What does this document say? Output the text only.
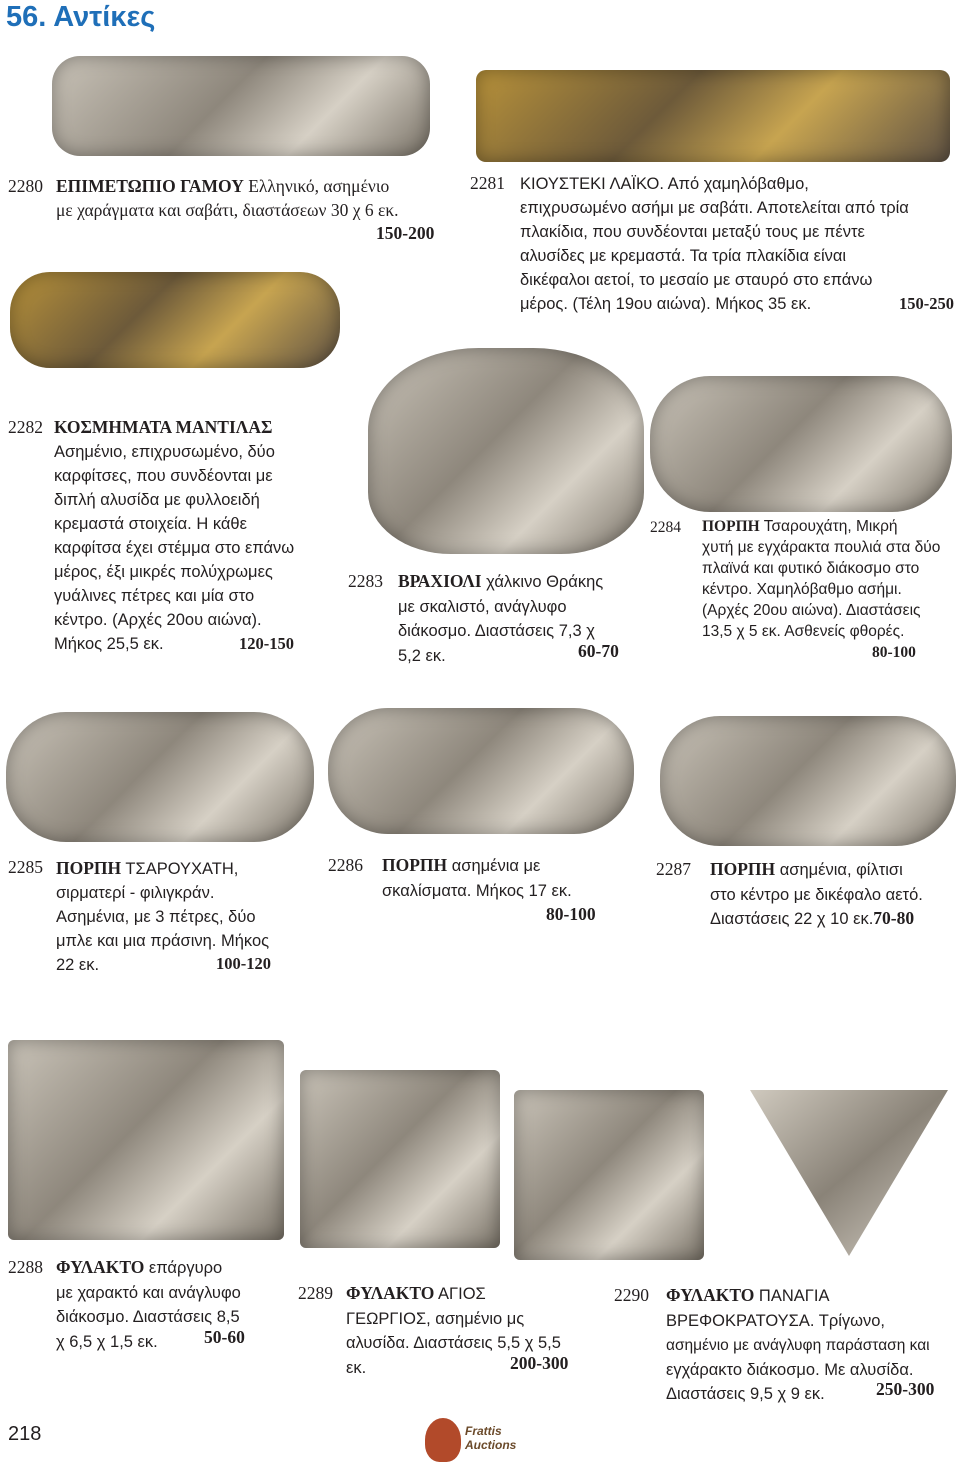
56. Αντίκες
2280 ΕΠΙΜΕΤΩΠΙΟ ΓΑΜΟΥ Ελληνικό, ασημένιο
με χαράγματα και σαβάτι, διαστάσεων 30 χ 6 εκ.
150-200
2281 ΚΙΟΥΣΤΕΚΙ ΛΑΪΚΟ. Από χαμηλόβαθμο,
επιχρυσωμένο ασήμι με σαβάτι. Αποτελείται από τρία
πλακίδια, που συνδέονται μεταξύ τους με πέντε
αλυσίδες με κρεμαστά. Τα τρία πλακίδια είναι
δικέφαλοι αετοί, το μεσαίο με σταυρό στο επάνω
μέρος. (Τέλη 19ου αιώνα). Μήκος 35 εκ.	150-250
2282 ΚΟΣΜΗΜΑΤΑ ΜΑΝΤΙΛΑΣ
Ασημένιο, επιχρυσωμένο, δύο
καρφίτσες, που συνδέονται με
διπλή αλυσίδα με φυλλοειδή
κρεμαστά στοιχεία. Η κάθε
καρφίτσα έχει στέμμα στο επάνω
μέρος, έξι μικρές πολύχρωμες
γυάλινες πέτρες και μία στο
κέντρο. (Αρχές 20ου αιώνα).
Μήκος 25,5 εκ.	120-150
2283 ΒΡΑΧΙΟΛΙ χάλκινο Θράκης
με σκαλιστό, ανάγλυφο
διάκοσμο. Διαστάσεις 7,3 χ
5,2 εκ.	60-70
2284 ΠΟΡΠΗ Τσαρουχάτη, Μικρή
χυτή με εγχάρακτα πουλιά στα δύο
πλαϊνά και φυτικό διάκοσμο στο
κέντρο. Χαμηλόβαθμο ασήμι.
(Αρχές 20ου αιώνα). Διαστάσεις
13,5 χ 5 εκ. Ασθενείς φθορές.
80-100
2285 ΠΟΡΠΗ ΤΣΑΡΟΥΧΑΤΗ,
σιρματερί - φιλιγκράν.
Ασημένια, με 3 πέτρες, δύο
μπλε και μια πράσινη. Μήκος
22 εκ.	100-120
2286 ΠΟΡΠΗ ασημένια με
σκαλίσματα. Μήκος 17 εκ.
80-100
2287 ΠΟΡΠΗ ασημένια, φίλτισι
στο κέντρο με δικέφαλο αετό.
Διαστάσεις 22 χ 10 εκ.70-80
2288 ΦΥΛΑΚΤΟ επάργυρο
με χαρακτό και ανάγλυφο
διάκοσμο. Διαστάσεις 8,5
χ 6,5 χ 1,5 εκ.	50-60
2289 ΦΥΛΑΚΤΟ ΑΓΙΟΣ
ΓΕΩΡΓΙΟΣ, ασημένιο μς
αλυσίδα. Διαστάσεις 5,5 χ 5,5
εκ.	200-300
2290 ΦΥΛΑΚΤΟ ΠΑΝΑΓΙΑ
ΒΡΕΦΟΚΡΑΤΟΥΣΑ. Τρίγωνο,
ασημένιο με ανάγλυφη παράσταση και
εγχάρακτο διάκοσμο. Με αλυσίδα.
Διαστάσεις 9,5 χ 9 εκ.	250-300
218	Frattis
Auctions
